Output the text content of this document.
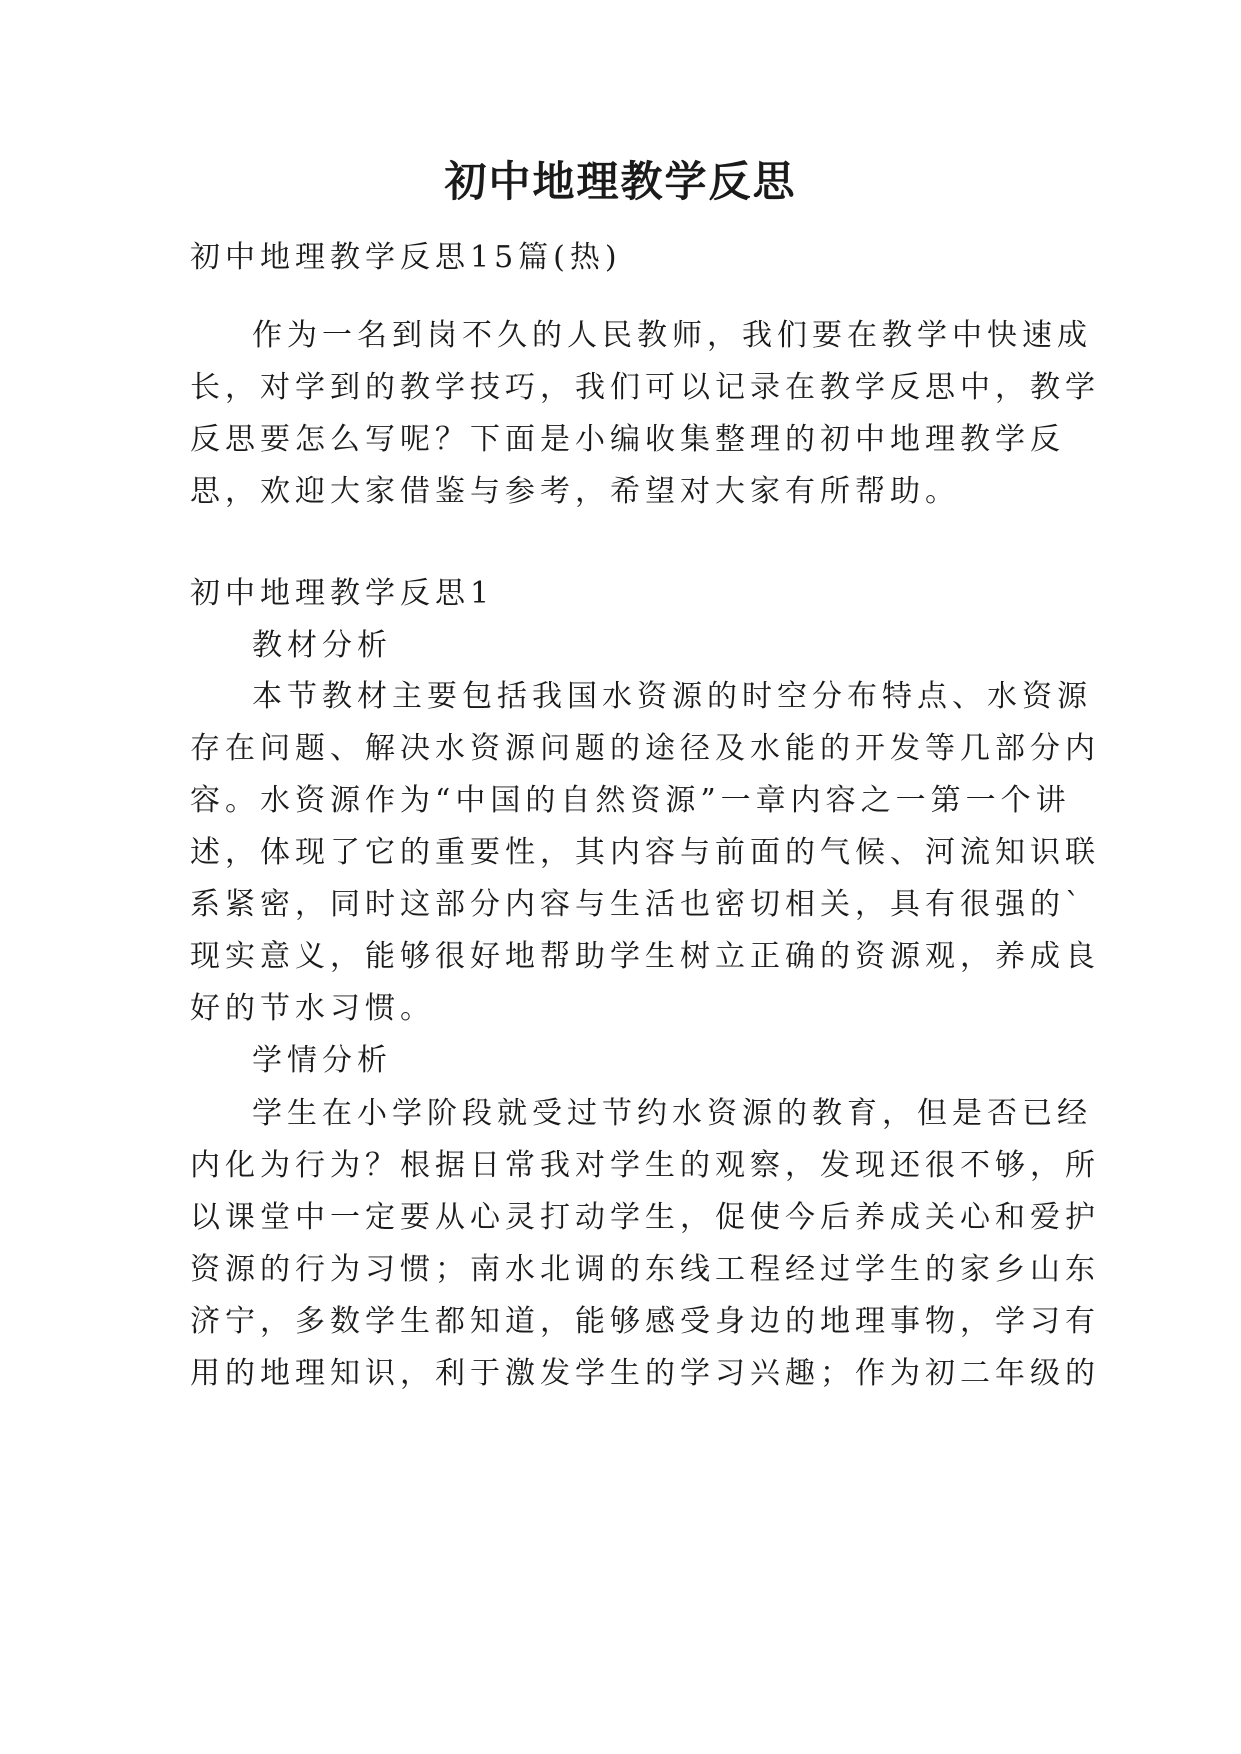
初中地理教学反思

初中地理教学反思15篇(热)

作为一名到岗不久的人民教师，我们要在教学中快速成

长，对学到的教学技巧，我们可以记录在教学反思中，教学

反思要怎么写呢？下面是小编收集整理的初中地理教学反

思，欢迎大家借鉴与参考，希望对大家有所帮助。

初中地理教学反思1

教材分析

本节教材主要包括我国水资源的时空分布特点、水资源

存在问题、解决水资源问题的途径及水能的开发等几部分内

容。水资源作为“中国的自然资源”一章内容之一第一个讲

述，体现了它的重要性，其内容与前面的气候、河流知识联

系紧密，同时这部分内容与生活也密切相关，具有很强的`

现实意义，能够很好地帮助学生树立正确的资源观，养成良

好的节水习惯。

学情分析

学生在小学阶段就受过节约水资源的教育，但是否已经

内化为行为？根据日常我对学生的观察，发现还很不够，所

以课堂中一定要从心灵打动学生，促使今后养成关心和爱护

资源的行为习惯；南水北调的东线工程经过学生的家乡山东

济宁，多数学生都知道，能够感受身边的地理事物，学习有

用的地理知识，利于激发学生的学习兴趣；作为初二年级的
